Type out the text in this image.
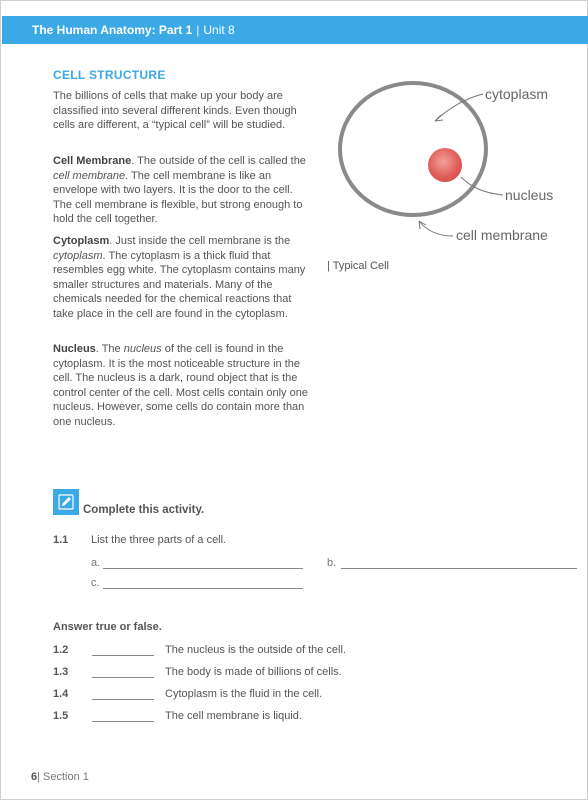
The Human Anatomy: Part 1 | Unit 8
CELL STRUCTURE

The billions of cells that make up your body are classified into several different kinds. Even though cells are different, a “typical cell” will be studied.

Cell Membrane. The outside of the cell is called the cell membrane. The cell membrane is like an envelope with two layers. It is the door to the cell. The cell membrane is flexible, but strong enough to hold the cell together.

Cytoplasm. Just inside the cell membrane is the cytoplasm. The cytoplasm is a thick fluid that resembles egg white. The cytoplasm contains many smaller structures and materials. Many of the chemicals needed for the chemical reactions that take place in the cell are found in the cytoplasm.

Nucleus. The nucleus of the cell is found in the cytoplasm. It is the most noticeable structure in the cell. The nucleus is a dark, round object that is the control center of the cell. Most cells contain only one nucleus. However, some cells do contain more than one nucleus.

cytoplasm
nucleus
cell membrane
| Typical Cell
Complete this activity.
1.1 List the three parts of a cell.
a.	b.
c.
Answer true or false.
1.2	The nucleus is the outside of the cell.
1.3	The body is made of billions of cells.
1.4	Cytoplasm is the fluid in the cell.
1.5	The cell membrane is liquid.
6| Section 1
